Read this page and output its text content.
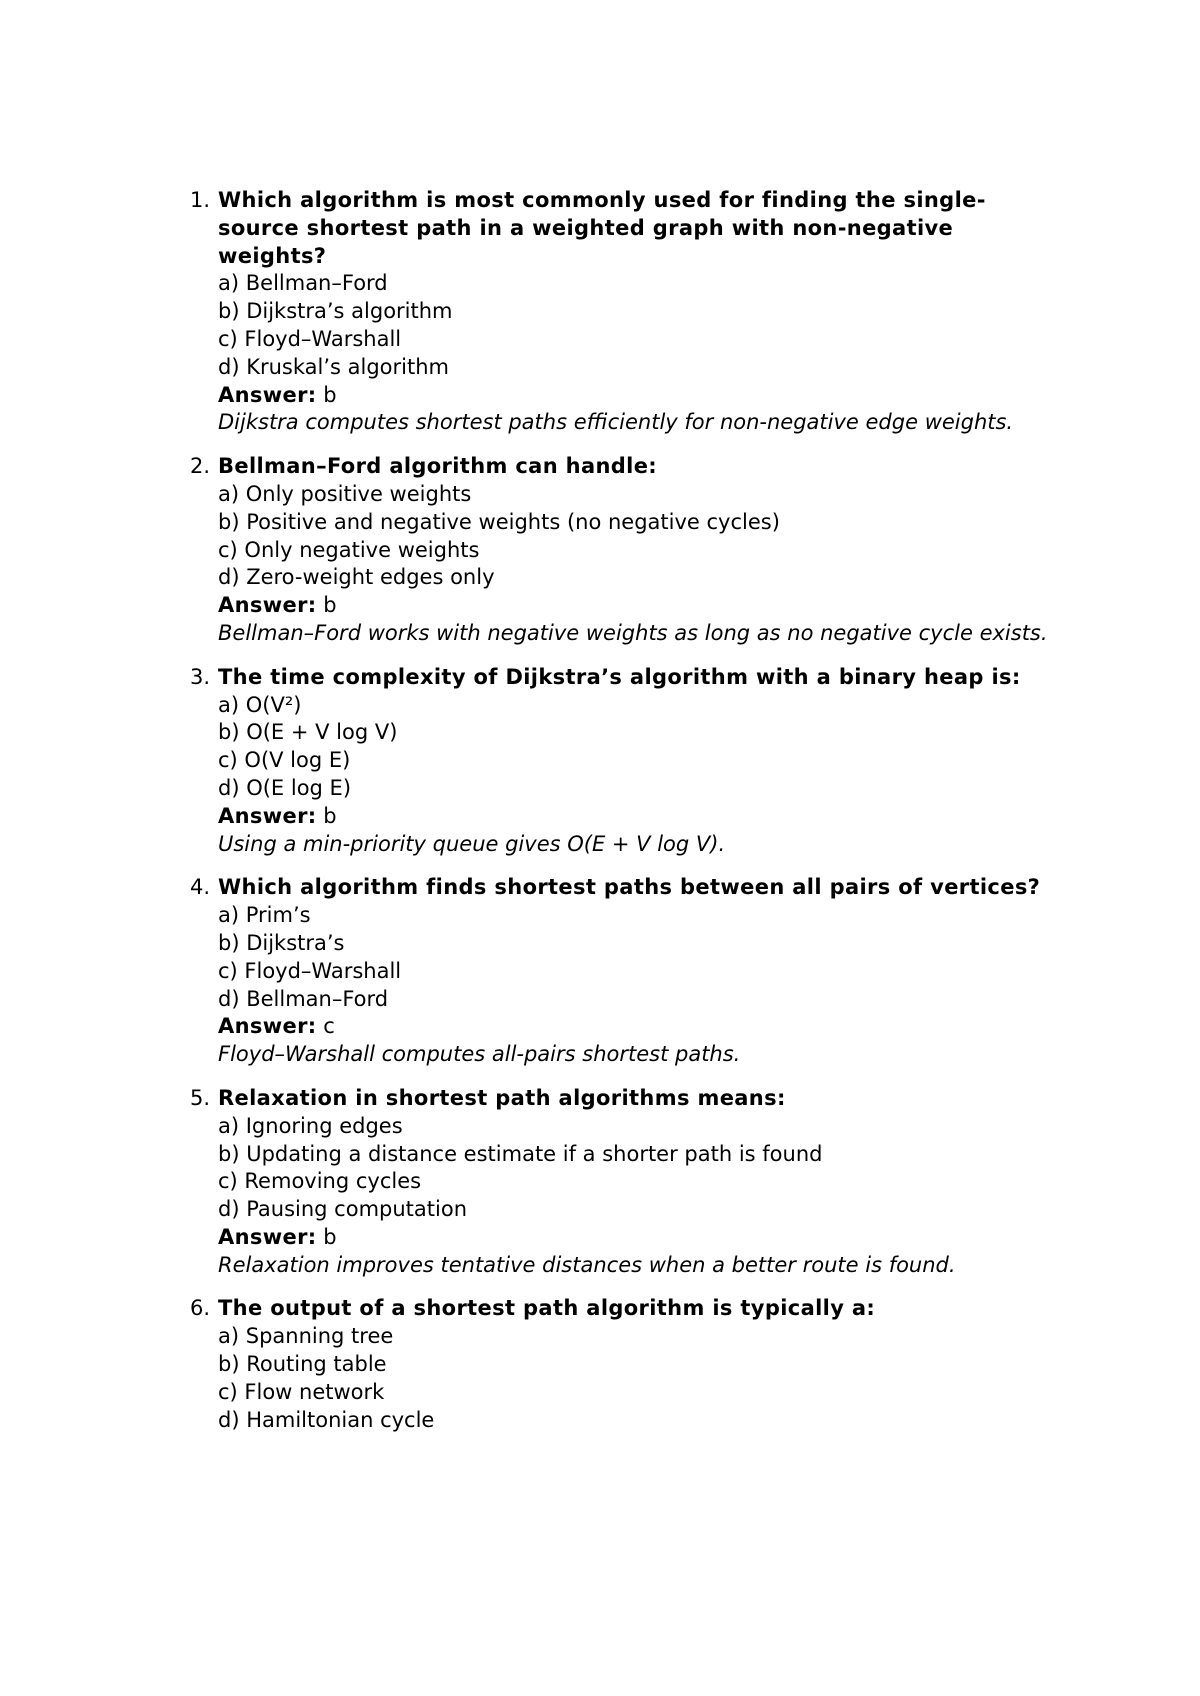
1. Which algorithm is most commonly used for finding the single-source shortest path in a weighted graph with non-negative weights?
a) Bellman–Ford
b) Dijkstra’s algorithm
c) Floyd–Warshall
d) Kruskal’s algorithm
Answer: b
Dijkstra computes shortest paths efficiently for non-negative edge weights.
2. Bellman–Ford algorithm can handle:
a) Only positive weights
b) Positive and negative weights (no negative cycles)
c) Only negative weights
d) Zero-weight edges only
Answer: b
Bellman–Ford works with negative weights as long as no negative cycle exists.
3. The time complexity of Dijkstra’s algorithm with a binary heap is:
a) O(V²)
b) O(E + V log V)
c) O(V log E)
d) O(E log E)
Answer: b
Using a min-priority queue gives O(E + V log V).
4. Which algorithm finds shortest paths between all pairs of vertices?
a) Prim’s
b) Dijkstra’s
c) Floyd–Warshall
d) Bellman–Ford
Answer: c
Floyd–Warshall computes all-pairs shortest paths.
5. Relaxation in shortest path algorithms means:
a) Ignoring edges
b) Updating a distance estimate if a shorter path is found
c) Removing cycles
d) Pausing computation
Answer: b
Relaxation improves tentative distances when a better route is found.
6. The output of a shortest path algorithm is typically a:
a) Spanning tree
b) Routing table
c) Flow network
d) Hamiltonian cycle
